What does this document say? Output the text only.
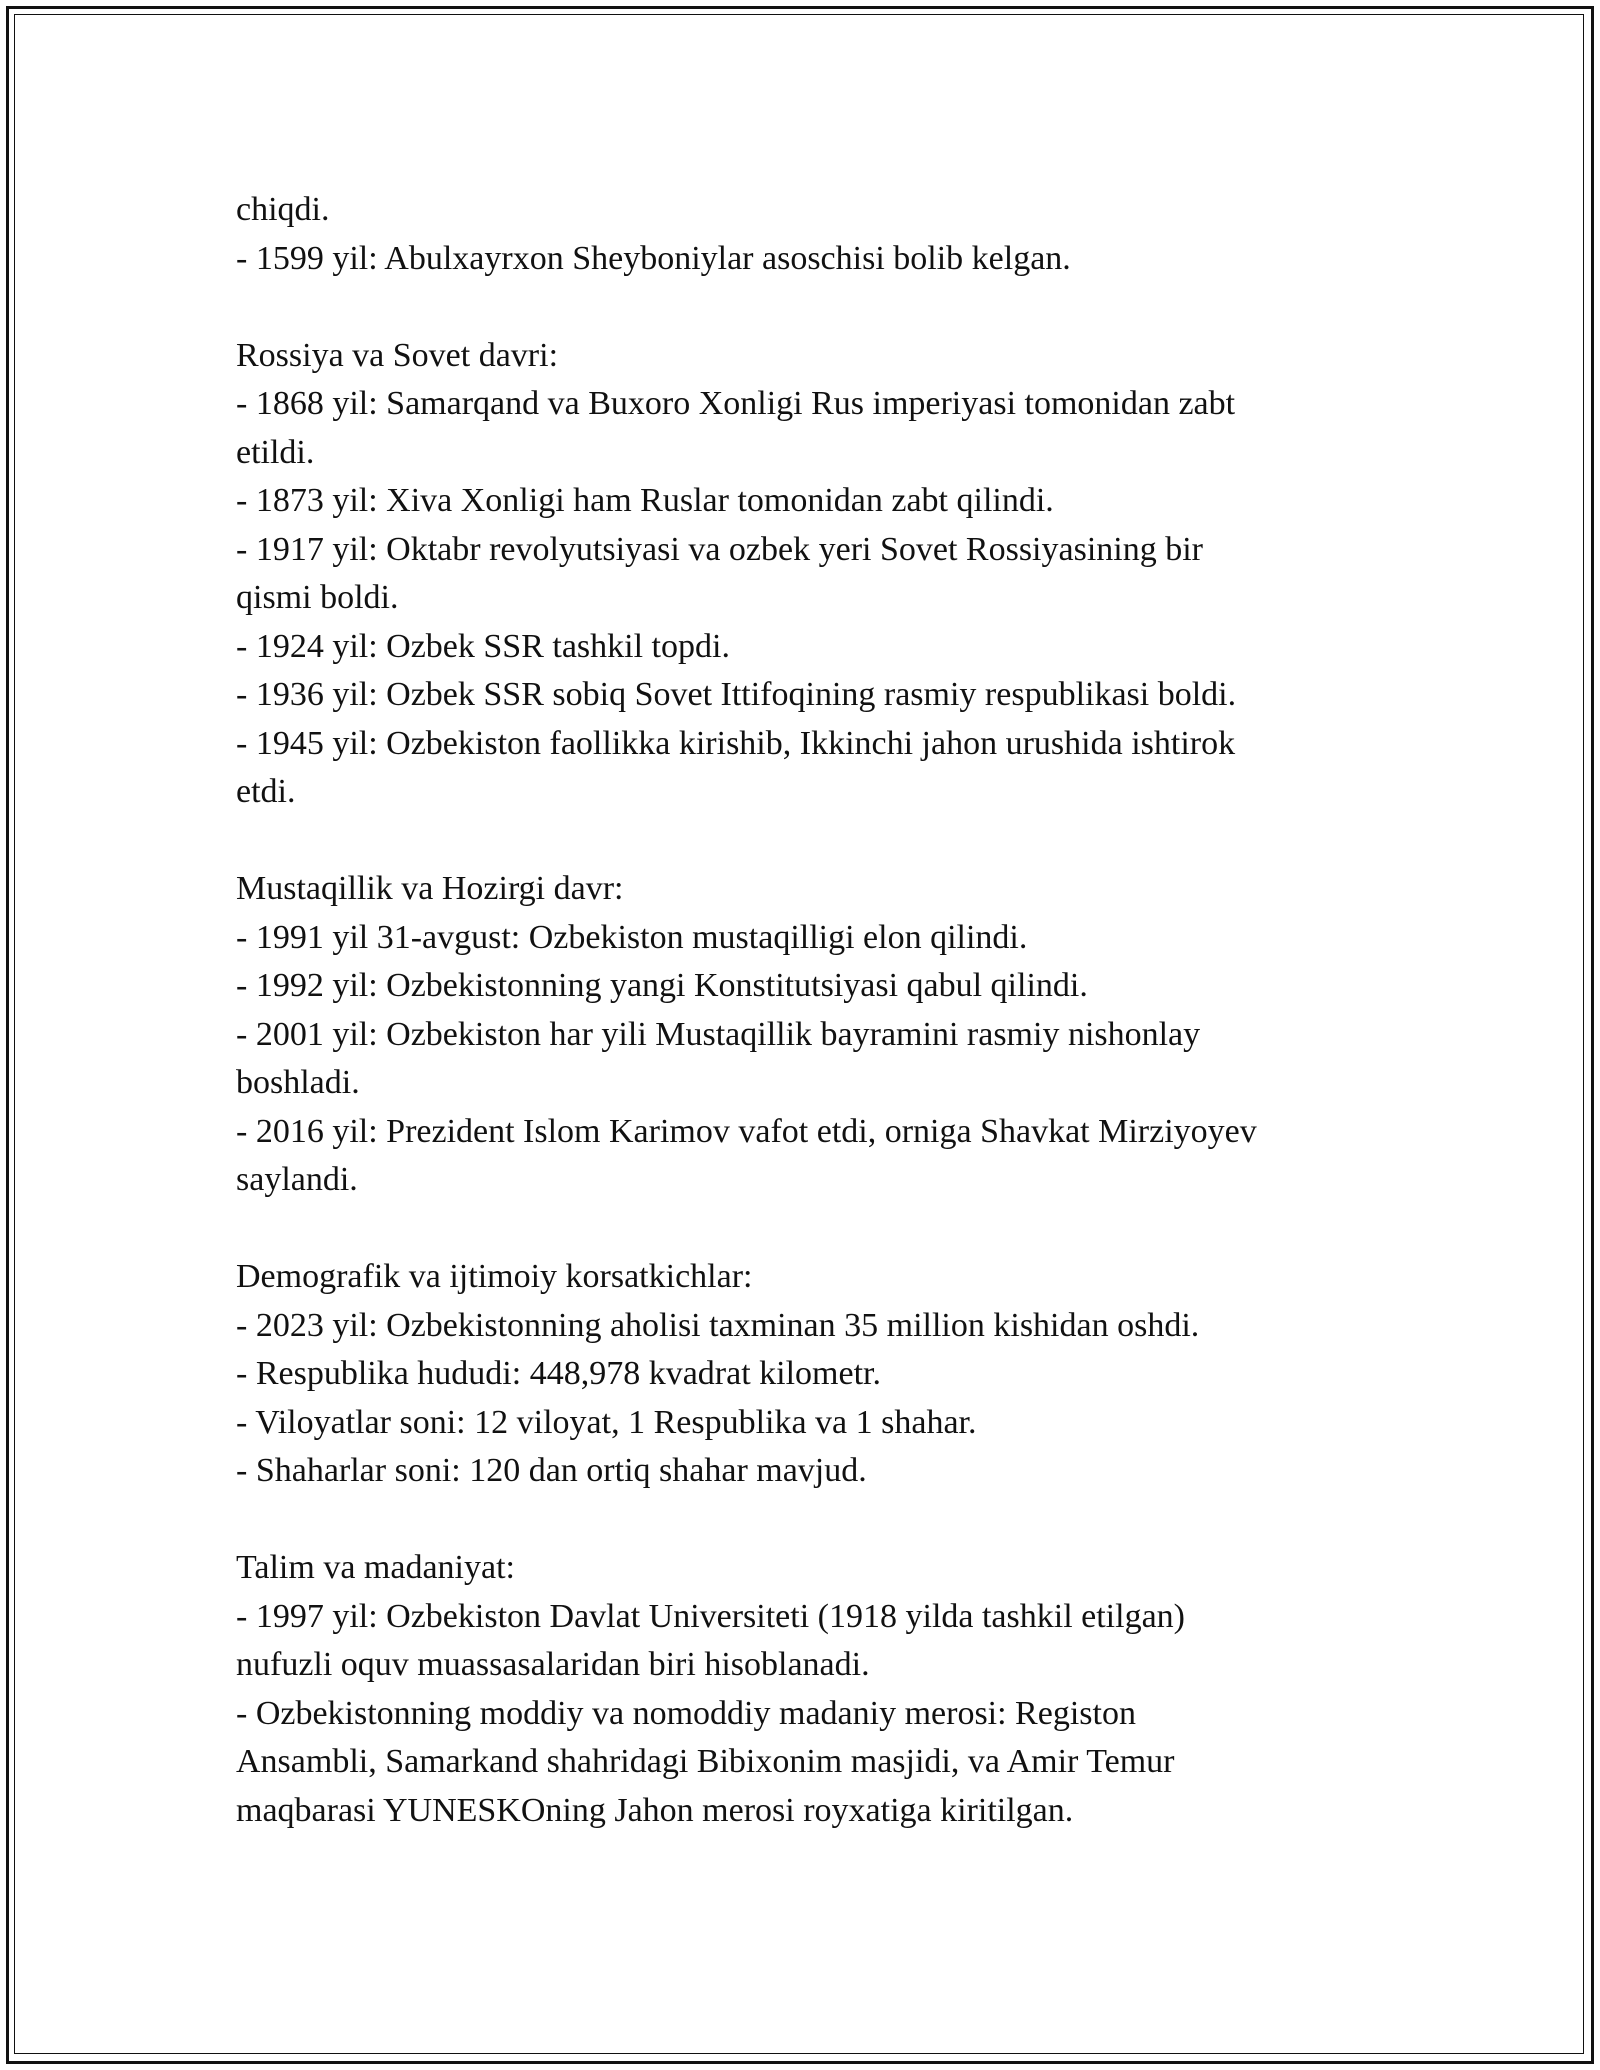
chiqdi.
- 1599 yil: Abulxayrxon Sheyboniylar asoschisi bolib kelgan.
Rossiya va Sovet davri:
- 1868 yil: Samarqand va Buxoro Xonligi Rus imperiyasi tomonidan zabt
etildi.
- 1873 yil: Xiva Xonligi ham Ruslar tomonidan zabt qilindi.
- 1917 yil: Oktabr revolyutsiyasi va ozbek yeri Sovet Rossiyasining bir
qismi boldi.
- 1924 yil: Ozbek SSR tashkil topdi.
- 1936 yil: Ozbek SSR sobiq Sovet Ittifoqining rasmiy respublikasi boldi.
- 1945 yil: Ozbekiston faollikka kirishib, Ikkinchi jahon urushida ishtirok
etdi.
Mustaqillik va Hozirgi davr:
- 1991 yil 31-avgust: Ozbekiston mustaqilligi elon qilindi.
- 1992 yil: Ozbekistonning yangi Konstitutsiyasi qabul qilindi.
- 2001 yil: Ozbekiston har yili Mustaqillik bayramini rasmiy nishonlay
boshladi.
- 2016 yil: Prezident Islom Karimov vafot etdi, orniga Shavkat Mirziyoyev
saylandi.
Demografik va ijtimoiy korsatkichlar:
- 2023 yil: Ozbekistonning aholisi taxminan 35 million kishidan oshdi.
- Respublika hududi: 448,978 kvadrat kilometr.
- Viloyatlar soni: 12 viloyat, 1 Respublika va 1 shahar.
- Shaharlar soni: 120 dan ortiq shahar mavjud.
Talim va madaniyat:
- 1997 yil: Ozbekiston Davlat Universiteti (1918 yilda tashkil etilgan)
nufuzli oquv muassasalaridan biri hisoblanadi.
- Ozbekistonning moddiy va nomoddiy madaniy merosi: Registon
Ansambli, Samarkand shahridagi Bibixonim masjidi, va Amir Temur
maqbarasi YUNESKOning Jahon merosi royxatiga kiritilgan.
